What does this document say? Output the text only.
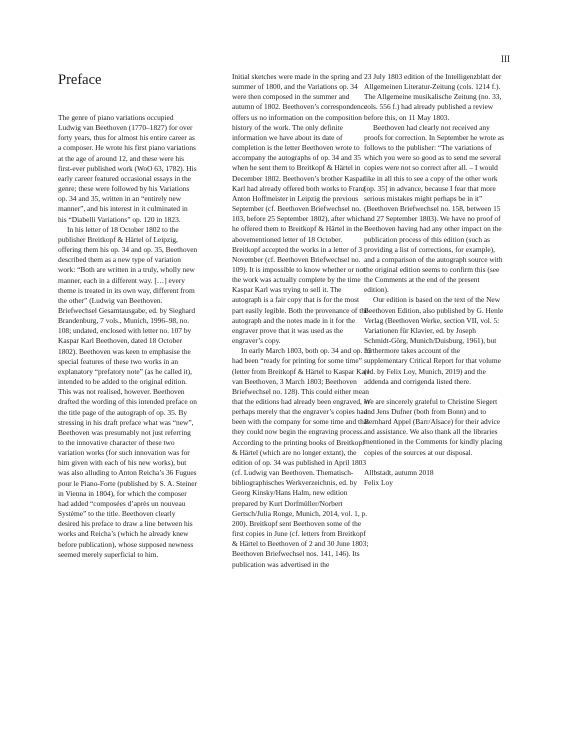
III
Preface

The genre of piano variations occupied Ludwig van Beethoven (1770–1827) for over forty years, thus for almost his entire career as a composer. He wrote his first piano variations at the age of around 12, and these were his first-ever published work (WoO 63, 1782). His early career featured occasional essays in the genre; these were followed by his Variations op. 34 and 35, written in an “entirely new manner”, and his interest in it culminated in his “Diabelli Variations” op. 120 in 1823.

In his letter of 18 October 1802 to the publisher Breitkopf & Härtel of Leipzig, offering them his op. 34 and op. 35, Beethoven described them as a new type of variation work: “Both are written in a truly, wholly new manner, each in a different way. […] every theme is treated in its own way, different from the other” (Ludwig van Beethoven. Briefwechsel Gesamtausgabe, ed. by Sieghard Brandenburg, 7 vols., Munich, 1996–98, no. 108; undated, enclosed with letter no. 107 by Kaspar Karl Beethoven, dated 18 October 1802). Beethoven was keen to emphasise the special features of these two works in an explanatory “prefatory note” (as he called it), intended to be added to the original edition. This was not realised, however. Beethoven drafted the wording of this intended preface on the title page of the autograph of op. 35. By stressing in his draft preface what was “new”, Beethoven was presumably not just referring to the innovative character of these two variation works (for such innovation was for him given with each of his new works), but was also alluding to Anton Reicha’s 36 Fugues pour le Piano-Forte (published by S. A. Steiner in Vienna in 1804), for which the composer had added “composées d’après un nouveau Système” to the title. Beethoven clearly desired his preface to draw a line between his works and Reicha’s (which he already knew before publication), whose supposed newness seemed merely superficial to him.

Initial sketches were made in the spring and summer of 1800, and the Variations op. 34 were then composed in the summer and autumn of 1802. Beethoven’s correspondence offers us no information on the composition history of the work. The only definite information we have about its date of completion is the letter Beethoven wrote to accompany the autographs of op. 34 and 35 when he sent them to Breitkopf & Härtel in December 1802. Beethoven’s brother Kaspar Karl had already offered both works to Franz Anton Hoffmeister in Leipzig the previous September (cf. Beethoven Briefwechsel no. 103, before 25 September 1802), after which he offered them to Breitkopf & Härtel in the abovementioned letter of 18 October. Breitkopf accepted the works in a letter of 3 November (cf. Beethoven Briefwechsel no. 109). It is impossible to know whether or not the work was actually complete by the time Kaspar Karl was trying to sell it. The autograph is a fair copy that is for the most part easily legible. Both the provenance of the autograph and the notes made in it for the engraver prove that it was used as the engraver’s copy.

In early March 1803, both op. 34 and op. 35 had been “ready for printing for some time” (letter from Breitkopf & Härtel to Kaspar Karl van Beethoven, 3 March 1803; Beethoven Briefwechsel no. 128). This could either mean that the editions had already been engraved, or perhaps merely that the engraver’s copies had been with the company for some time and that they could now begin the engraving process. According to the printing books of Breitkopf & Härtel (which are no longer extant), the edition of op. 34 was published in April 1803 (cf. Ludwig van Beethoven. Thematisch-bibliographisches Werkverzeichnis, ed. by Georg Kinsky/Hans Halm, new edition prepared by Kurt Dorfmüller/Norbert Gertsch/Julia Ronge, Munich, 2014, vol. 1, p. 200). Breitkopf sent Beethoven some of the first copies in June (cf. letters from Breitkopf & Härtel to Beethoven of 2 and 30 June 1803; Beethoven Briefwechsel nos. 141, 146). Its publication was advertised in the

23 July 1803 edition of the Intelligenzblatt der Allgemeinen Literatur-Zeitung (cols. 1214 f.). The Allgemeine musikalische Zeitung (no. 33, cols. 556 f.) had already published a review before this, on 11 May 1803.

Beethoven had clearly not received any proofs for correction. In September he wrote as follows to the publisher: “The variations of which you were so good as to send me several copies were not so correct after all. – I would like in all this to see a copy of the other work [op. 35] in advance, because I fear that more serious mistakes might perhaps be in it” (Beethoven Briefwechsel no. 158, between 15 and 27 September 1803). We have no proof of Beethoven having had any other impact on the publication process of this edition (such as providing a list of corrections, for example), and a comparison of the autograph source with the original edition seems to confirm this (see the Comments at the end of the present edition).

Our edition is based on the text of the New Beethoven Edition, also published by G. Henle Verlag (Beethoven Werke, section VII, vol. 5: Variationen für Klavier, ed. by Joseph Schmidt-Görg, Munich/Duisburg, 1961), but furthermore takes account of the supplementary Critical Report for that volume (ed. by Felix Loy, Munich, 2019) and the addenda and corrigenda listed there.

We are sincerely grateful to Christine Siegert and Jens Dufner (both from Bonn) and to Bernhard Appel (Barr/Alsace) for their advice and assistance. We also thank all the libraries mentioned in the Comments for kindly placing copies of the sources at our disposal.

Allbstadt, autumn 2018

Felix Loy
